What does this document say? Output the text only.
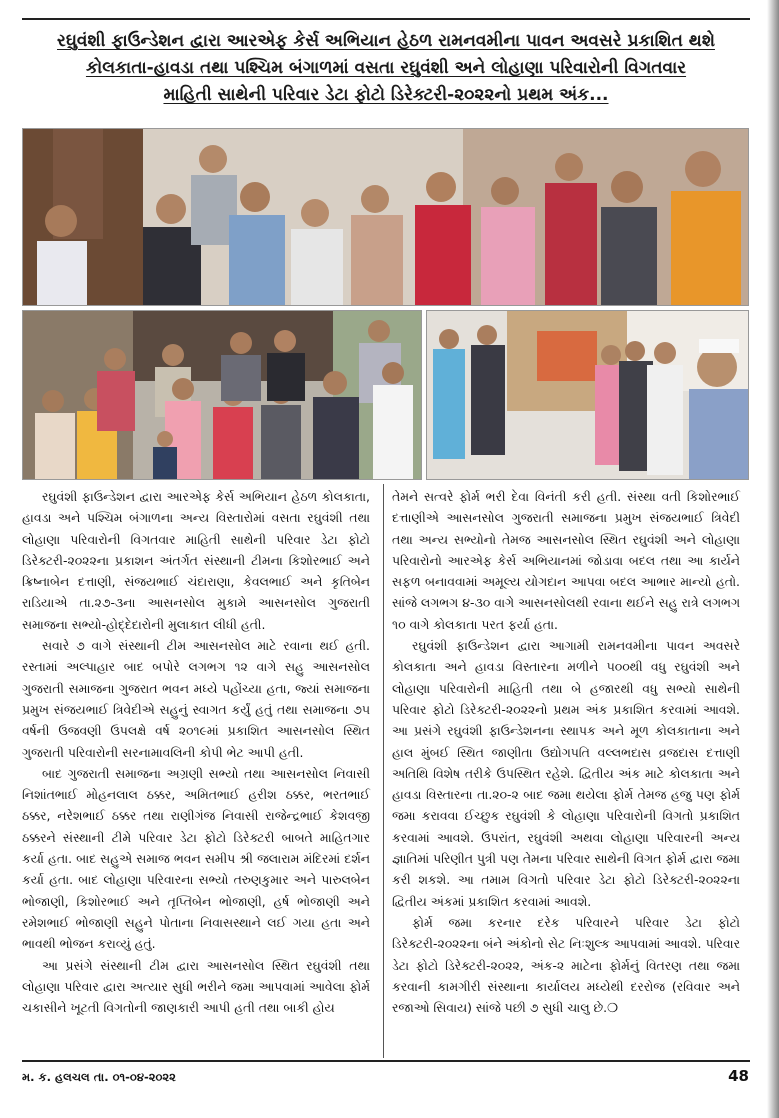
રઘુવંશી ફાઉન્ડેશન દ્વારા આરએફ કેર્સ અભિયાન હેઠળ રામનવમીના પાવન અવસરે પ્રકાશિત થશે
કોલકાતા-હાવડા તથા પશ્ચિમ બંગાળમાં વસતા રઘુવંશી અને લોહાણા પરિવારોની વિગતવાર
માહિતી સાથેની પરિવાર ડેટા ફોટો ડિરેક્ટરી-૨૦૨૨નો પ્રથમ અંક...

રઘુવંશી ફાઉન્ડેશન દ્વારા આરએફ કેર્સ અભિયાન હેઠળ કોલકાતા, હાવડા અને પશ્ચિમ બંગાળના અન્ય વિસ્તારોમાં વસતા રઘુવંશી તથા લોહાણા પરિવારોની વિગતવાર માહિતી સાથેની પરિવાર ડેટા ફોટો ડિરેક્ટરી-૨૦૨૨ના પ્રકાશન અંતર્ગત સંસ્થાની ટીમના કિશોરભાઈ અને ક્રિષ્નાબેન દત્તાણી, સંજયભાઈ ચંદારાણા, કેવલભાઈ અને કૃતિબેન રાડિયાએ તા.૨૭-૩ના આસનસોલ મુકામે આસનસોલ ગુજરાતી સમાજના સભ્યો-હોદ્દેદારોની મુલાકાત લીધી હતી.

સવારે ૭ વાગે સંસ્થાની ટીમ આસનસોલ માટે રવાના થઈ હતી. રસ્તામાં અલ્પાહાર બાદ બપોરે લગભગ ૧૨ વાગે સહુ આસનસોલ ગુજરાતી સમાજના ગુજરાત ભવન મધ્યે પહોંચ્યા હતા, જ્યાં સમાજના પ્રમુખ સંજયભાઈ ત્રિવેદીએ સહુનું સ્વાગત કર્યું હતું તથા સમાજના ૭૫ વર્ષની ઉજવણી ઉપલક્ષે વર્ષ ૨૦૧૯માં પ્રકાશિત આસનસોલ સ્થિત ગુજરાતી પરિવારોની સરનામાવલિની કોપી ભેટ આપી હતી.

બાદ ગુજરાતી સમાજના અગ્રણી સભ્યો તથા આસનસોલ નિવાસી નિશાંતભાઈ મોહનલાલ ઠક્કર, અમિતભાઈ હરીશ ઠક્કર, ભરતભાઈ ઠક્કર, નરેશભાઈ ઠક્કર તથા રાણીગંજ નિવાસી રાજેન્દ્રભાઈ કેશવજી ઠક્કરને સંસ્થાની ટીમે પરિવાર ડેટા ફોટો ડિરેક્ટરી બાબતે માહિતગાર કર્યા હતા. બાદ સહુએ સમાજ ભવન સમીપ શ્રી જલારામ મંદિરમાં દર્શન કર્યા હતા. બાદ લોહાણા પરિવારના સભ્યો તરુણકુમાર અને પારુલબેન ભોજાણી, કિશોરભાઈ અને તૃપ્તિબેન ભોજાણી, હર્ષ ભોજાણી અને રમેશભાઈ ભોજાણી સહુને પોતાના નિવાસસ્થાને લઈ ગયા હતા અને ભાવથી ભોજન કરાવ્યું હતું.

આ પ્રસંગે સંસ્થાની ટીમ દ્વારા આસનસોલ સ્થિત રઘુવંશી તથા લોહાણા પરિવાર દ્વારા અત્યાર સુધી ભરીને જમા આપવામાં આવેલા ફોર્મ ચકાસીને ખૂટતી વિગતોની જાણકારી આપી હતી તથા બાકી હોય

તેમને સત્વરે ફોર્મ ભરી દેવા વિનંતી કરી હતી. સંસ્થા વતી કિશોરભાઈ દત્તાણીએ આસનસોલ ગુજરાતી સમાજના પ્રમુખ સંજયભાઈ ત્રિવેદી તથા અન્ય સભ્યોનો તેમજ આસનસોલ સ્થિત રઘુવંશી અને લોહાણા પરિવારોનો આરએફ કેર્સ અભિયાનમાં જોડાવા બદલ તથા આ કાર્યને સફળ બનાવવામાં અમૂલ્ય યોગદાન આપવા બદલ આભાર માન્યો હતો. સાંજે લગભગ ૪-૩૦ વાગે આસનસોલથી રવાના થઈને સહુ રાત્રે લગભગ ૧૦ વાગે કોલકાતા પરત ફર્યા હતા.

રઘુવંશી ફાઉન્ડેશન દ્વારા આગામી રામનવમીના પાવન અવસરે કોલકાતા અને હાવડા વિસ્તારના મળીને ૫૦૦થી વધુ રઘુવંશી અને લોહાણા પરિવારોની માહિતી તથા બે હજારથી વધુ સભ્યો સાથેની પરિવાર ફોટો ડિરેક્ટરી-૨૦૨૨નો પ્રથમ અંક પ્રકાશિત કરવામાં આવશે. આ પ્રસંગે રઘુવંશી ફાઉન્ડેશનના સ્થાપક અને મૂળ કોલકાતાના અને હાલ મુંબઈ સ્થિત જાણીતા ઉદ્યોગપતિ વલ્લભદાસ વ્રજદાસ દત્તાણી અતિથિ વિશેષ તરીકે ઉપસ્થિત રહેશે. દ્વિતીય અંક માટે કોલકાતા અને હાવડા વિસ્તારના તા.૨૦-૨ બાદ જમા થયેલા ફોર્મ તેમજ હજુ પણ ફોર્મ જમા કરાવવા ઈચ્છુક રઘુવંશી કે લોહાણા પરિવારોની વિગતો પ્રકાશિત કરવામાં આવશે. ઉપરાંત, રઘુવંશી અથવા લોહાણા પરિવારની અન્ય જ્ઞાતિમાં પરિણીત પુત્રી પણ તેમના પરિવાર સાથેની વિગત ફોર્મ દ્વારા જમા કરી શકશે. આ તમામ વિગતો પરિવાર ડેટા ફોટો ડિરેક્ટરી-૨૦૨૨ના દ્વિતીય અંકમાં પ્રકાશિત કરવામાં આવશે.

ફોર્મ જમા કરનાર દરેક પરિવારને પરિવાર ડેટા ફોટો ડિરેક્ટરી-૨૦૨૨ના બંને અંકોનો સેટ નિઃશુલ્ક આપવામાં આવશે. પરિવાર ડેટા ફોટો ડિરેક્ટરી-૨૦૨૨, અંક-૨ માટેના ફોર્મનું વિતરણ તથા જમા કરવાની કામગીરી સંસ્થાના કાર્યાલય મધ્યેથી દરરોજ (રવિવાર અને રજાઓ સિવાય) સાંજે પછી ૭ સુધી ચાલુ છે.❍

મ. ક. હલચલ તા. ૦૧-૦૪-૨૦૨૨	48
